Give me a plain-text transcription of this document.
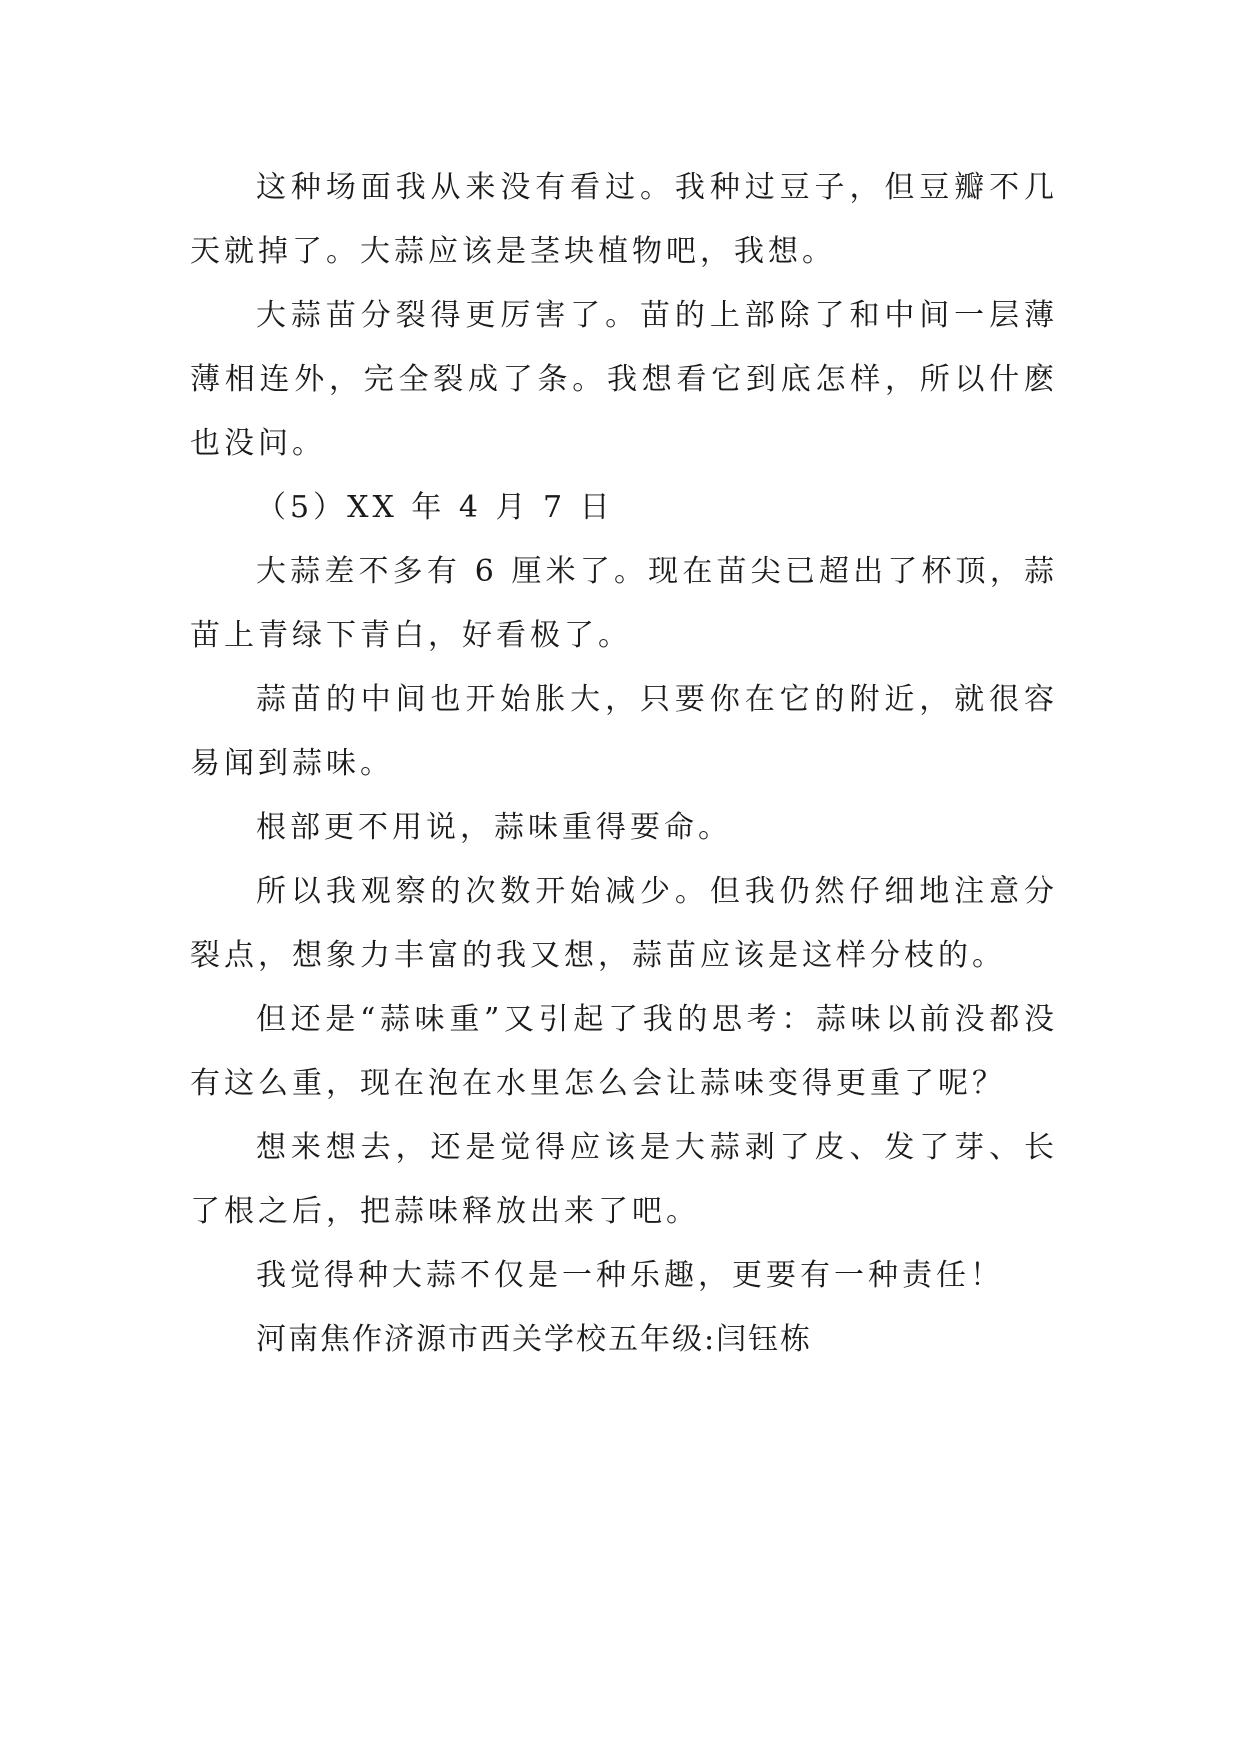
这种场面我从来没有看过。我种过豆子，但豆瓣不几天就掉了。大蒜应该是茎块植物吧，我想。

大蒜苗分裂得更厉害了。苗的上部除了和中间一层薄薄相连外，完全裂成了条。我想看它到底怎样，所以什麽也没问。

（5）XX 年 4 月 7 日

大蒜差不多有 6 厘米了。现在苗尖已超出了杯顶，蒜苗上青绿下青白，好看极了。

蒜苗的中间也开始胀大，只要你在它的附近，就很容易闻到蒜味。

根部更不用说，蒜味重得要命。

所以我观察的次数开始减少。但我仍然仔细地注意分裂点，想象力丰富的我又想，蒜苗应该是这样分枝的。

但还是“蒜味重”又引起了我的思考：蒜味以前没都没有这么重，现在泡在水里怎么会让蒜味变得更重了呢？

想来想去，还是觉得应该是大蒜剥了皮、发了芽、长了根之后，把蒜味释放出来了吧。

我觉得种大蒜不仅是一种乐趣，更要有一种责任！

河南焦作济源市西关学校五年级:闫钰栋
